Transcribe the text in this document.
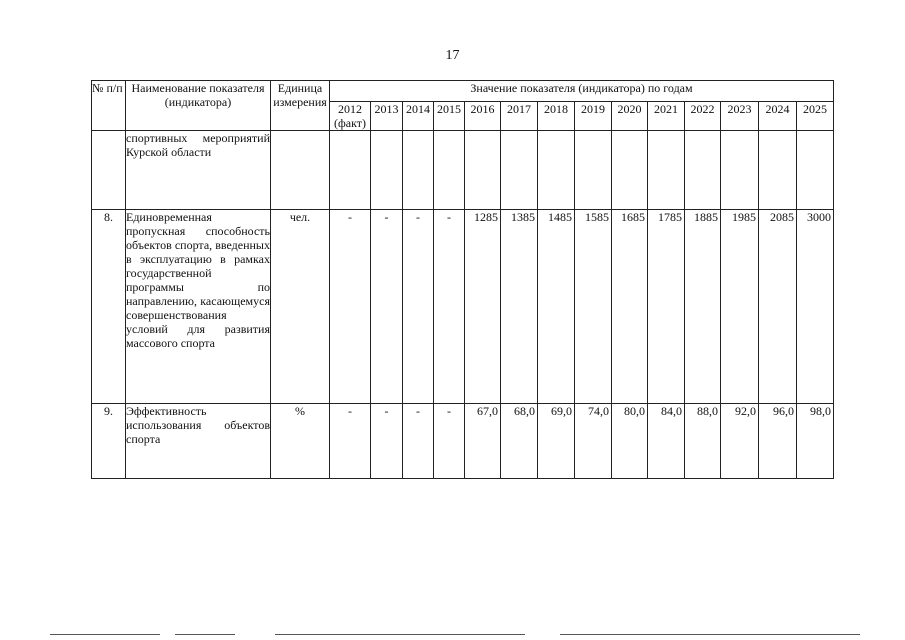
17
№ п/п	Наименование показателя (индикатора)	Единица измерения	Значение показателя (индикатора) по годам													
			2012 (факт)	2013	2014	2015	2016	2017	2018	2019	2020	2021	2022	2023	2024	2025
	спортивных мероприятий Курской области															
8.	Единовременная пропускная способность объектов спорта, введенных в эксплуатацию в рамках государственной программы по направлению, касающемуся совершенствования условий для развития массового спорта	чел.	-	-	-	-	1285	1385	1485	1585	1685	1785	1885	1985	2085	3000
9.	Эффективность использования объектов спорта	%	-	-	-	-	67,0	68,0	69,0	74,0	80,0	84,0	88,0	92,0	96,0	98,0
